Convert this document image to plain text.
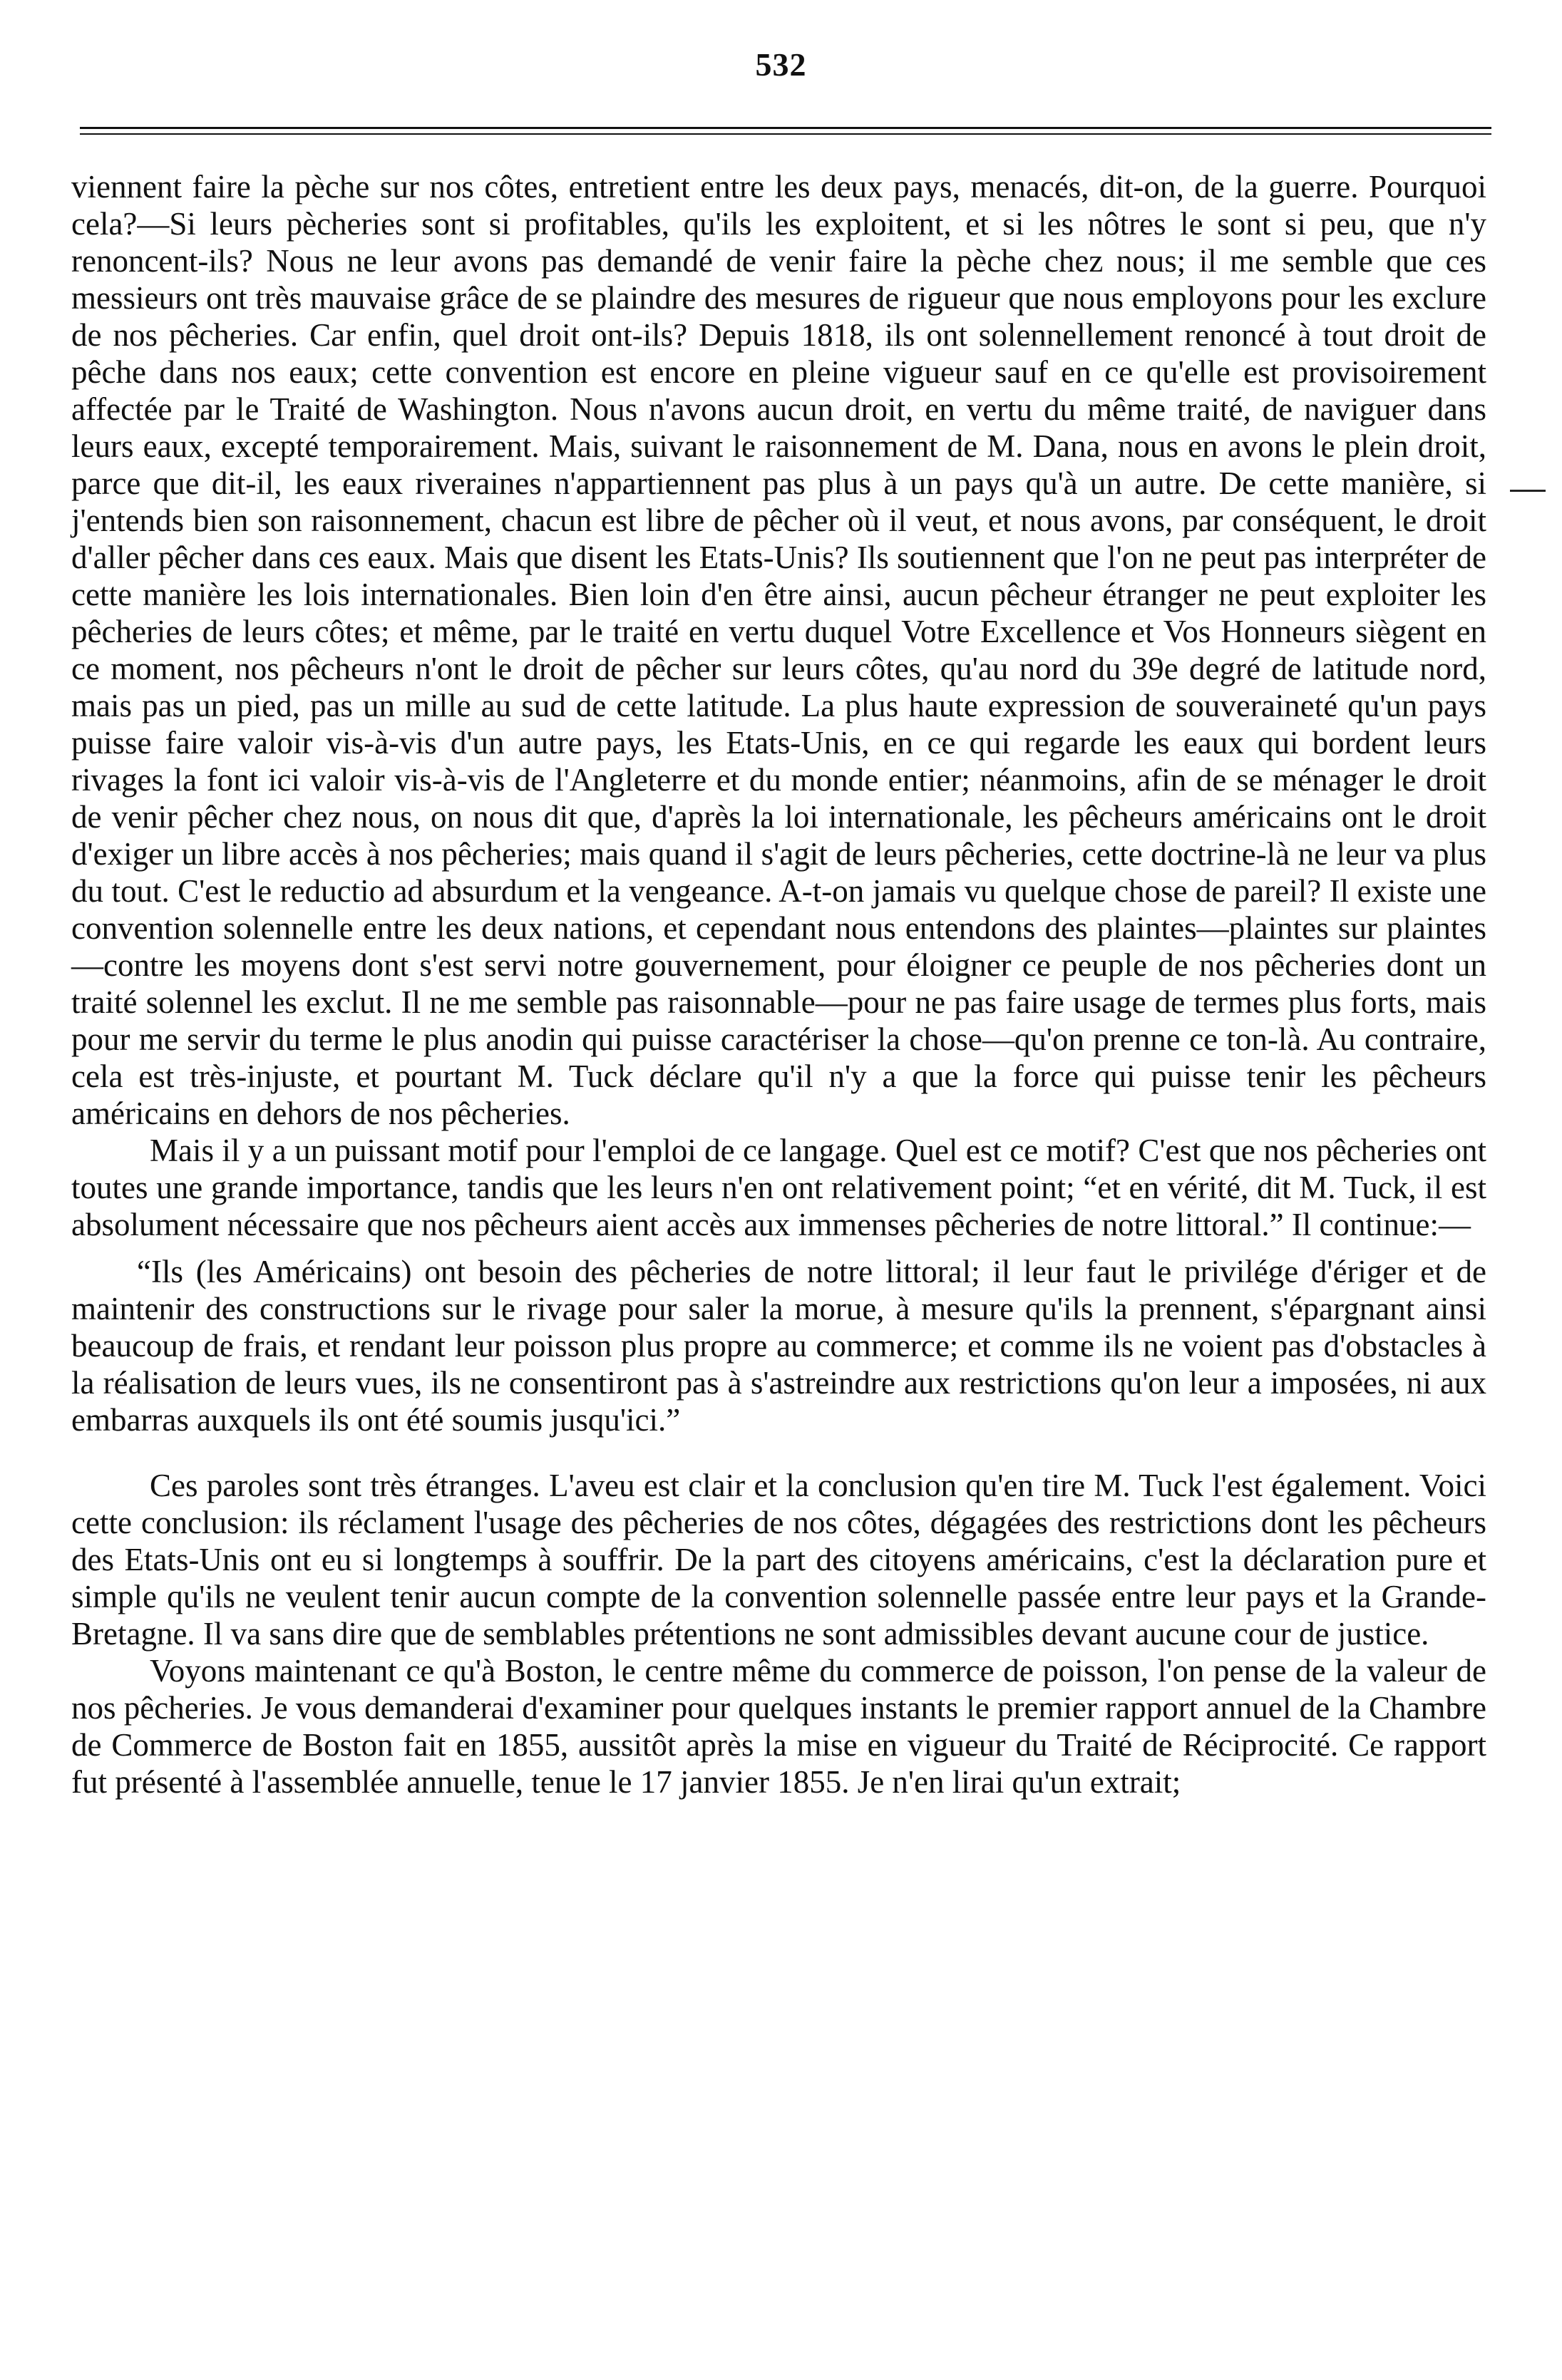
532

viennent faire la pèche sur nos côtes, entretient entre les deux pays, menacés, dit-on, de la guerre. Pourquoi cela?—Si leurs pècheries sont si profitables, qu'ils les exploitent, et si les nôtres le sont si peu, que n'y renoncent-ils? Nous ne leur avons pas demandé de venir faire la pèche chez nous; il me semble que ces messieurs ont très mauvaise grâce de se plaindre des mesures de rigueur que nous employons pour les exclure de nos pêcheries. Car enfin, quel droit ont-ils? Depuis 1818, ils ont solennellement renoncé à tout droit de pêche dans nos eaux; cette convention est encore en pleine vigueur sauf en ce qu'elle est provisoirement affectée par le Traité de Washington. Nous n'avons aucun droit, en vertu du même traité, de naviguer dans leurs eaux, excepté temporairement. Mais, suivant le raisonnement de M. Dana, nous en avons le plein droit, parce que dit-il, les eaux riveraines n'appartiennent pas plus à un pays qu'à un autre. De cette manière, si j'entends bien son raisonnement, chacun est libre de pêcher où il veut, et nous avons, par conséquent, le droit d'aller pêcher dans ces eaux. Mais que disent les Etats-Unis? Ils soutiennent que l'on ne peut pas interpréter de cette manière les lois internationales. Bien loin d'en être ainsi, aucun pêcheur étranger ne peut exploiter les pêcheries de leurs côtes; et même, par le traité en vertu duquel Votre Excellence et Vos Honneurs siègent en ce moment, nos pêcheurs n'ont le droit de pêcher sur leurs côtes, qu'au nord du 39e degré de latitude nord, mais pas un pied, pas un mille au sud de cette latitude. La plus haute expression de souveraineté qu'un pays puisse faire valoir vis-à-vis d'un autre pays, les Etats-Unis, en ce qui regarde les eaux qui bordent leurs rivages la font ici valoir vis-à-vis de l'Angleterre et du monde entier; néanmoins, afin de se ménager le droit de venir pêcher chez nous, on nous dit que, d'après la loi internationale, les pêcheurs américains ont le droit d'exiger un libre accès à nos pêcheries; mais quand il s'agit de leurs pêcheries, cette doctrine-là ne leur va plus du tout. C'est le reductio ad absurdum et la vengeance. A-t-on jamais vu quelque chose de pareil? Il existe une convention solennelle entre les deux nations, et cependant nous entendons des plaintes—plaintes sur plaintes—contre les moyens dont s'est servi notre gouvernement, pour éloigner ce peuple de nos pêcheries dont un traité solennel les exclut. Il ne me semble pas raisonnable—pour ne pas faire usage de termes plus forts, mais pour me servir du terme le plus anodin qui puisse caractériser la chose—qu'on prenne ce ton-là. Au contraire, cela est très-injuste, et pourtant M. Tuck déclare qu'il n'y a que la force qui puisse tenir les pêcheurs américains en dehors de nos pêcheries.

Mais il y a un puissant motif pour l'emploi de ce langage. Quel est ce motif? C'est que nos pêcheries ont toutes une grande importance, tandis que les leurs n'en ont relativement point; “et en vérité, dit M. Tuck, il est absolument nécessaire que nos pêcheurs aient accès aux immenses pêcheries de notre littoral.” Il continue:—

“Ils (les Américains) ont besoin des pêcheries de notre littoral; il leur faut le privilége d'ériger et de maintenir des constructions sur le rivage pour saler la morue, à mesure qu'ils la prennent, s'épargnant ainsi beaucoup de frais, et rendant leur poisson plus propre au commerce; et comme ils ne voient pas d'obstacles à la réalisation de leurs vues, ils ne consentiront pas à s'astreindre aux restrictions qu'on leur a imposées, ni aux embarras auxquels ils ont été soumis jusqu'ici.”

Ces paroles sont très étranges. L'aveu est clair et la conclusion qu'en tire M. Tuck l'est également. Voici cette conclusion: ils réclament l'usage des pêcheries de nos côtes, dégagées des restrictions dont les pêcheurs des Etats-Unis ont eu si longtemps à souffrir. De la part des citoyens américains, c'est la déclaration pure et simple qu'ils ne veulent tenir aucun compte de la convention solennelle passée entre leur pays et la Grande-Bretagne. Il va sans dire que de semblables prétentions ne sont admissibles devant aucune cour de justice.

Voyons maintenant ce qu'à Boston, le centre même du commerce de poisson, l'on pense de la valeur de nos pêcheries. Je vous demanderai d'examiner pour quelques instants le premier rapport annuel de la Chambre de Commerce de Boston fait en 1855, aussitôt après la mise en vigueur du Traité de Réciprocité. Ce rapport fut présenté à l'assemblée annuelle, tenue le 17 janvier 1855. Je n'en lirai qu'un extrait;
